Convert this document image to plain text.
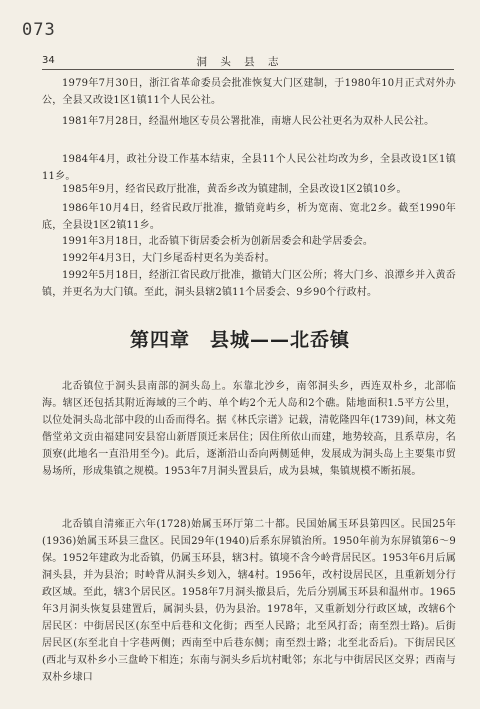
073
34	洞 头 县 志

1979年7月30日，浙江省革命委员会批准恢复大门区建制，于1980年10月正式对外办公，全县又改设1区1镇11个人民公社。

1981年7月28日，经温州地区专员公署批准，南塘人民公社更名为双朴人民公社。

1984年4月，政社分设工作基本结束，全县11个人民公社均改为乡，全县改设1区1镇11乡。

1985年9月，经省民政厅批准，黄岙乡改为镇建制，全县改设1区2镇10乡。

1986年10月4日，经省民政厅批准，撤销竟屿乡，析为宽南、宽北2乡。截至1990年底，全县设1区2镇11乡。

1991年3月18日，北岙镇下街居委会析为创新居委会和赴学居委会。

1992年4月3日，大门乡尾岙村更名为美岙村。

1992年5月18日，经浙江省民政厅批准，撤销大门区公所；将大门乡、浪潭乡并入黄岙镇，并更名为大门镇。至此，洞头县辖2镇11个居委会、9乡90个行政村。

第四章　县城——北岙镇

北岙镇位于洞头县南部的洞头岛上。东靠北沙乡，南邻洞头乡，西连双朴乡，北部临海。辖区还包括其附近海域的三个屿、单个屿2个无人岛和2个礁。陆地面积1.5平方公里，以位处洞头岛北部中段的山岙而得名。据《林氏宗谱》记载，清乾隆四年(1739)间，林文苑偕堂弟文贡由福建同安县窑山新厝顶迁来居住；因住所依山而建，地势较高，且系草房，名顶寮(此地名一直沿用至今)。此后，逐渐沿山岙向两侧延伸，发展成为洞头岛上主要集市贸易场所，形成集镇之规模。1953年7月洞头置县后，成为县城，集镇规模不断拓展。

北岙镇自清雍正六年(1728)始属玉环厅第二十都。民国始属玉环县第四区。民国25年(1936)始属玉环县三盘区。民国29年(1940)后系东屏镇治所。1950年前为东屏镇第6～9保。1952年建政为北岙镇，仍属玉环县，辖3村。镇境不含今岭背居民区。1953年6月后属洞头县，并为县治；时岭背从洞头乡划入，辖4村。1956年，改村设居民区，且重新划分行政区域。至此，辖3个居民区。1958年7月洞头撤县后，先后分别属玉环县和温州市。1965年3月洞头恢复县建置后，属洞头县，仍为县治。1978年，又重新划分行政区域，改辖6个居民区：中街居民区(东至中后巷和文化街；西至人民路；北至风打岙；南至烈士路)。后街居民区(东至北自十字巷两侧；西南至中后巷东侧；南至烈士路；北至北岙后)。下街居民区(西北与双朴乡小三盘岭下相连；东南与洞头乡后坑村毗邻；东北与中街居民区交界；西南与双朴乡埭口
